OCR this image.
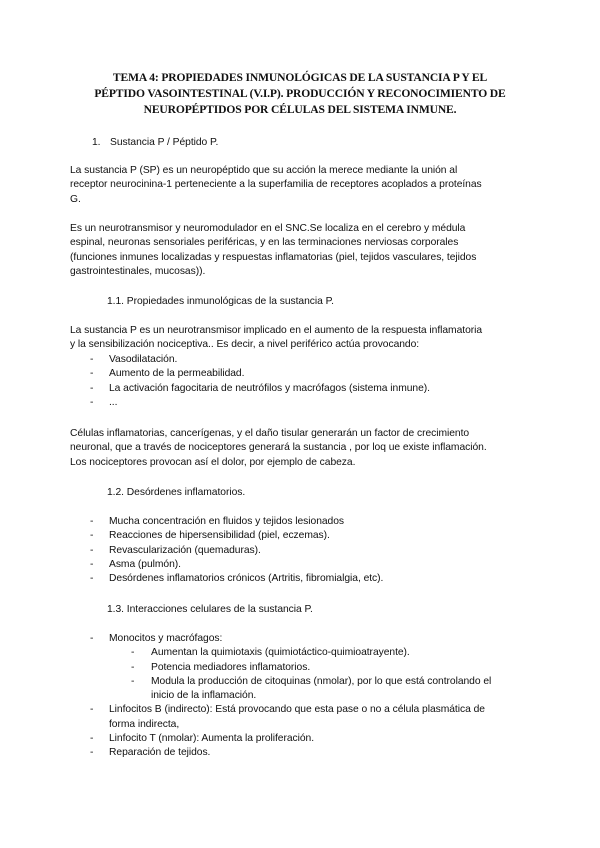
TEMA 4: PROPIEDADES INMUNOLÓGICAS DE LA SUSTANCIA P Y EL
PÉPTIDO VASOINTESTINAL (V.I.P). PRODUCCIÓN Y RECONOCIMIENTO DE
NEUROPÉPTIDOS POR CÉLULAS DEL SISTEMA INMUNE.
1. Sustancia P / Péptido P.
La sustancia P (SP) es un neuropéptido que su acción la merece mediante la unión al
receptor neurocinina-1 perteneciente a la superfamilia de receptores acoplados a proteínas
G.
Es un neurotransmisor y neuromodulador en el SNC.Se localiza en el cerebro y médula
espinal, neuronas sensoriales periféricas, y en las terminaciones nerviosas corporales
(funciones inmunes localizadas y respuestas inflamatorias (piel, tejidos vasculares, tejidos
gastrointestinales, mucosas)).
1.1. Propiedades inmunológicas de la sustancia P.
La sustancia P es un neurotransmisor implicado en el aumento de la respuesta inflamatoria
y la sensibilización nociceptiva.. Es decir, a nivel periférico actúa provocando:
- Vasodilatación.
- Aumento de la permeabilidad.
- La activación fagocitaria de neutrófilos y macrófagos (sistema inmune).
- ...
Células inflamatorias, cancerígenas, y el daño tisular generarán un factor de crecimiento
neuronal, que a través de nociceptores generará la sustancia , por loq ue existe inflamación.
Los nociceptores provocan así el dolor, por ejemplo de cabeza.
1.2. Desórdenes inflamatorios.
- Mucha concentración en fluidos y tejidos lesionados
- Reacciones de hipersensibilidad (piel, eczemas).
- Revascularización (quemaduras).
- Asma (pulmón).
- Desórdenes inflamatorios crónicos (Artritis, fibromialgia, etc).
1.3. Interacciones celulares de la sustancia P.
- Monocitos y macrófagos:
- Aumentan la quimiotaxis (quimiotáctico-quimioatrayente).
- Potencia mediadores inflamatorios.
- Modula la producción de citoquinas (nmolar), por lo que está controlando el
inicio de la inflamación.
- Linfocitos B (indirecto): Está provocando que esta pase o no a célula plasmática de
forma indirecta,
- Linfocito T (nmolar): Aumenta la proliferación.
- Reparación de tejidos.
